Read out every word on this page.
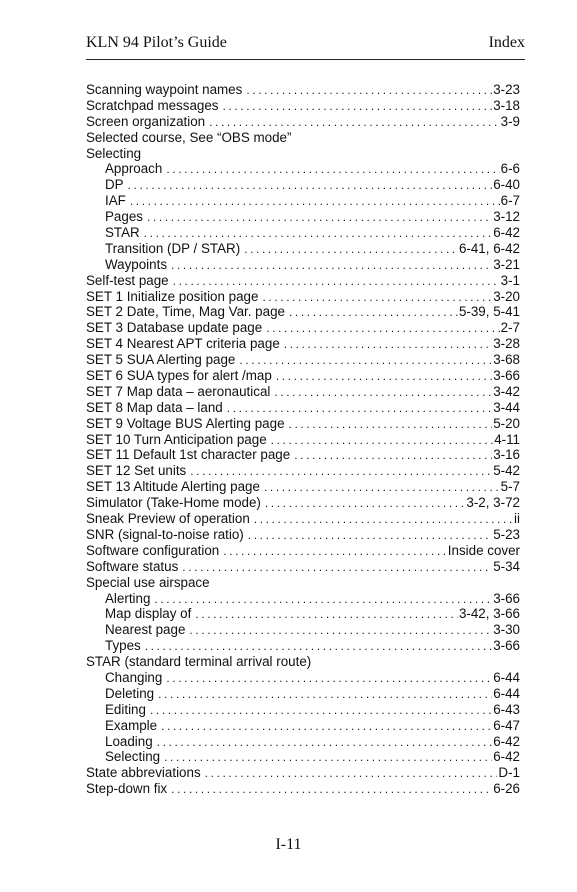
KLN 94 Pilot’s Guide	Index
Scanning waypoint names .....	3-23
Scratchpad messages .....	3-18
Screen organization .....	3-9
Selected course, See “OBS mode”
Selecting
Approach .....	6-6
DP .....	6-40
IAF .....	6-7
Pages .....	3-12
STAR .....	6-42
Transition (DP / STAR) .....	6-41, 6-42
Waypoints .....	3-21
Self-test page .....	3-1
SET 1 Initialize position page .....	3-20
SET 2 Date, Time, Mag Var. page .....	5-39, 5-41
SET 3 Database update page .....	2-7
SET 4 Nearest APT criteria page .....	3-28
SET 5 SUA Alerting page .....	3-68
SET 6 SUA types for alert /map .....	3-66
SET 7 Map data – aeronautical .....	3-42
SET 8 Map data – land .....	3-44
SET 9 Voltage BUS Alerting page .....	5-20
SET 10 Turn Anticipation page .....	4-11
SET 11 Default 1st character page .....	3-16
SET 12 Set units .....	5-42
SET 13 Altitude Alerting page .....	5-7
Simulator (Take-Home mode) .....	3-2, 3-72
Sneak Preview of operation .....	ii
SNR (signal-to-noise ratio) .....	5-23
Software configuration .....	Inside cover
Software status .....	5-34
Special use airspace
Alerting .....	3-66
Map display of .....	3-42, 3-66
Nearest page .....	3-30
Types .....	3-66
STAR (standard terminal arrival route)
Changing .....	6-44
Deleting .....	6-44
Editing .....	6-43
Example .....	6-47
Loading .....	6-42
Selecting .....	6-42
State abbreviations .....	D-1
Step-down fix .....	6-26
I-11
